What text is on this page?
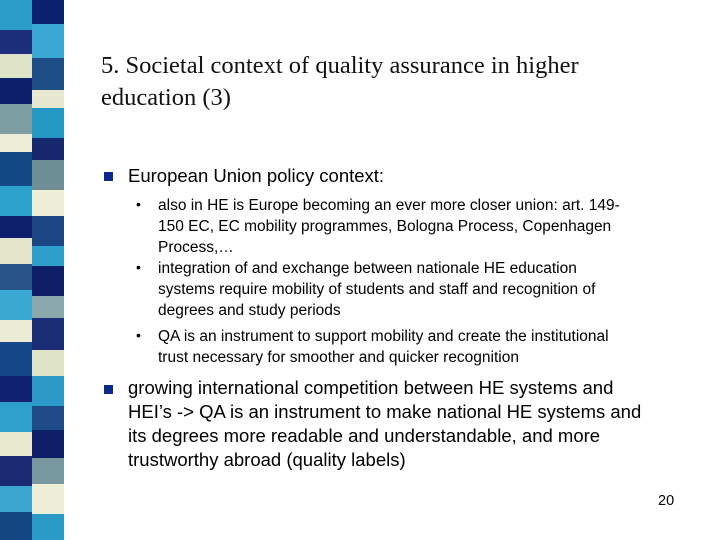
5. Societal context of quality assurance in higher
education (3)
European Union policy context:
• also in HE is Europe becoming an ever more closer union: art. 149-
150 EC, EC mobility programmes, Bologna Process, Copenhagen
Process,…
• integration of and exchange between nationale HE education
systems require mobility of students and staff and recognition of
degrees and study periods
• QA is an instrument to support mobility and create the institutional
trust necessary for smoother and quicker recognition
growing international competition between HE systems and
HEI’s -> QA is an instrument to make national HE systems and
its degrees more readable and understandable, and more
trustworthy abroad (quality labels)
20
